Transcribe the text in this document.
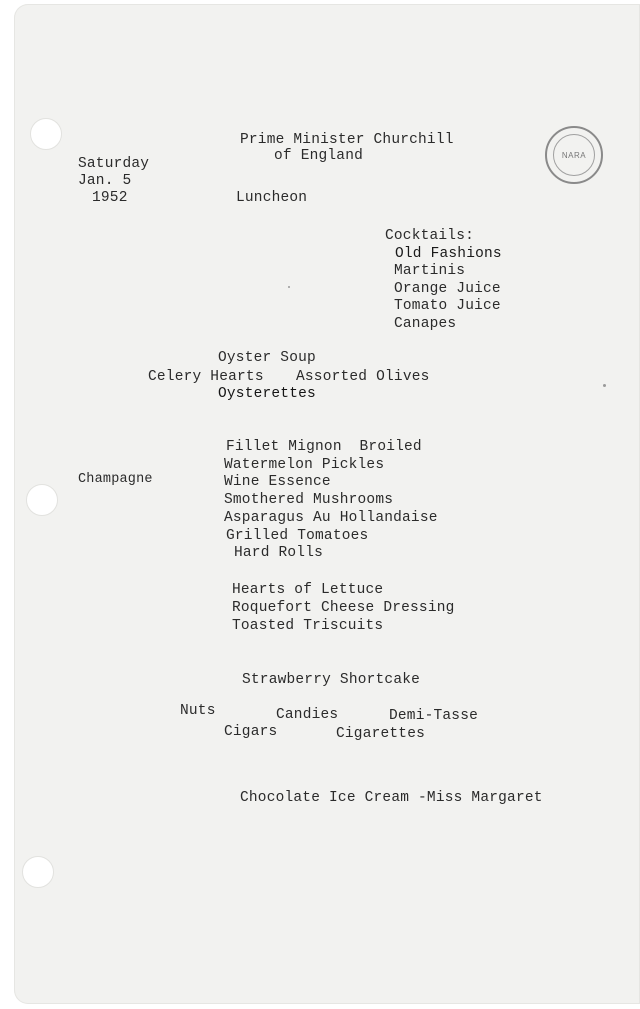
NARA
Prime Minister Churchill
of England
Luncheon
Saturday
Jan. 5
1952
Cocktails:
Old Fashions
Martinis
Orange Juice
Tomato Juice
Canapes
Oyster Soup
Celery Hearts Assorted Olives
Oysterettes
Champagne
Fillet Mignon  Broiled
Watermelon Pickles
Wine Essence
Smothered Mushrooms
Asparagus Au Hollandaise
Grilled Tomatoes
Hard Rolls
Hearts of Lettuce
Roquefort Cheese Dressing
Toasted Triscuits
Strawberry Shortcake
Nuts	Candies	Demi-Tasse
Cigars	Cigarettes
Chocolate Ice Cream -Miss Margaret
